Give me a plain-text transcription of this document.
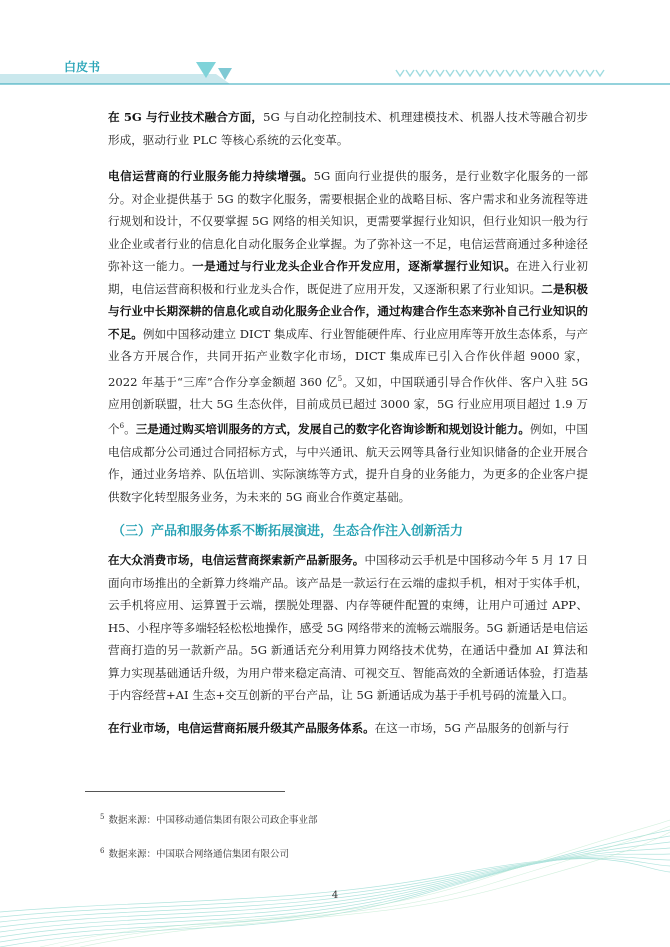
白皮书

在 5G 与行业技术融合方面，5G 与自动化控制技术、机理建模技术、机器人技术等融合初步形成，驱动行业 PLC 等核心系统的云化变革。

电信运营商的行业服务能力持续增强。5G 面向行业提供的服务，是行业数字化服务的一部分。对企业提供基于 5G 的数字化服务，需要根据企业的战略目标、客户需求和业务流程等进行规划和设计，不仅要掌握 5G 网络的相关知识，更需要掌握行业知识，但行业知识一般为行业企业或者行业的信息化自动化服务企业掌握。为了弥补这一不足，电信运营商通过多种途径弥补这一能力。一是通过与行业龙头企业合作开发应用，逐渐掌握行业知识。在进入行业初期，电信运营商积极和行业龙头合作，既促进了应用开发，又逐渐积累了行业知识。二是积极与行业中长期深耕的信息化或自动化服务企业合作，通过构建合作生态来弥补自己行业知识的不足。例如中国移动建立 DICT 集成库、行业智能硬件库、行业应用库等开放生态体系，与产业各方开展合作，共同开拓产业数字化市场，DICT 集成库已引入合作伙伴超 9000 家，2022 年基于“三库”合作分享金额超 360 亿$^5$。又如，中国联通引导合作伙伴、客户入驻 5G 应用创新联盟，壮大 5G 生态伙伴，目前成员已超过 3000 家，5G 行业应用项目超过 1.9 万个$^6$。三是通过购买培训服务的方式，发展自己的数字化咨询诊断和规划设计能力。例如，中国电信成都分公司通过合同招标方式，与中兴通讯、航天云网等具备行业知识储备的企业开展合作，通过业务培养、队伍培训、实际演练等方式，提升自身的业务能力，为更多的企业客户提供数字化转型服务业务，为未来的 5G 商业合作奠定基础。

（三）产品和服务体系不断拓展演进，生态合作注入创新活力

在大众消费市场，电信运营商探索新产品新服务。中国移动云手机是中国移动今年 5 月 17 日面向市场推出的全新算力终端产品。该产品是一款运行在云端的虚拟手机，相对于实体手机，云手机将应用、运算置于云端，摆脱处理器、内存等硬件配置的束缚，让用户可通过 APP、H5、小程序等多端轻轻松松地操作，感受 5G 网络带来的流畅云端服务。5G 新通话是电信运营商打造的另一款新产品。5G 新通话充分利用算力网络技术优势，在通话中叠加 AI 算法和算力实现基础通话升级，为用户带来稳定高清、可视交互、智能高效的全新通话体验，打造基于内容经营+AI 生态+交互创新的平台产品，让 5G 新通话成为基于手机号码的流量入口。

在行业市场，电信运营商拓展升级其产品服务体系。在这一市场，5G 产品服务的创新与行

$^5$ 数据来源：中国移动通信集团有限公司政企事业部
$^6$ 数据来源：中国联合网络通信集团有限公司
4
